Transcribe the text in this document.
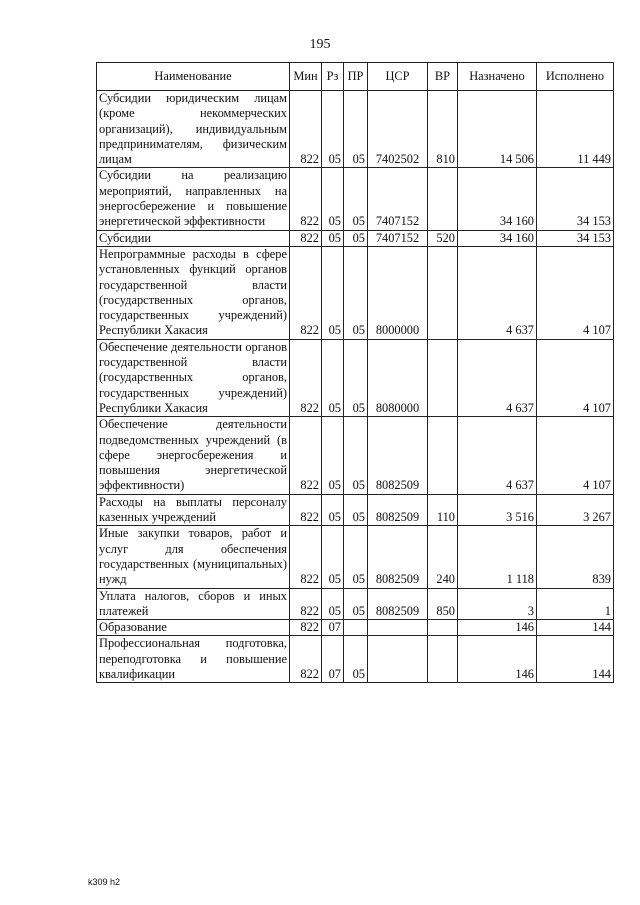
195
Наименование	Мин	Рз	ПР	ЦСР	ВР	Назначено	Исполнено
Субсидии юридическим лицам (кроме некоммерческих организаций), индивидуальным предпринимателям, физическим лицам	822	05	05	7402502	810	14 506	11 449
Субсидии на реализацию мероприятий, направленных на энергосбережение и повышение энергетической эффективности	822	05	05	7407152		34 160	34 153
Субсидии	822	05	05	7407152	520	34 160	34 153
Непрограммные расходы в сфере установленных функций органов государственной власти (государственных органов, государственных учреждений) Республики Хакасия	822	05	05	8000000		4 637	4 107
Обеспечение деятельности органов государственной власти (государственных органов, государственных учреждений) Республики Хакасия	822	05	05	8080000		4 637	4 107
Обеспечение деятельности подведомственных учреждений (в сфере энергосбережения и повышения энергетической эффективности)	822	05	05	8082509		4 637	4 107
Расходы на выплаты персоналу казенных учреждений	822	05	05	8082509	110	3 516	3 267
Иные закупки товаров, работ и услуг для обеспечения государственных (муниципальных) нужд	822	05	05	8082509	240	1 118	839
Уплата налогов, сборов и иных платежей	822	05	05	8082509	850	3	1
Образование	822	07				146	144
Профессиональная подготовка, переподготовка и повышение квалификации	822	07	05			146	144
k309 h2
